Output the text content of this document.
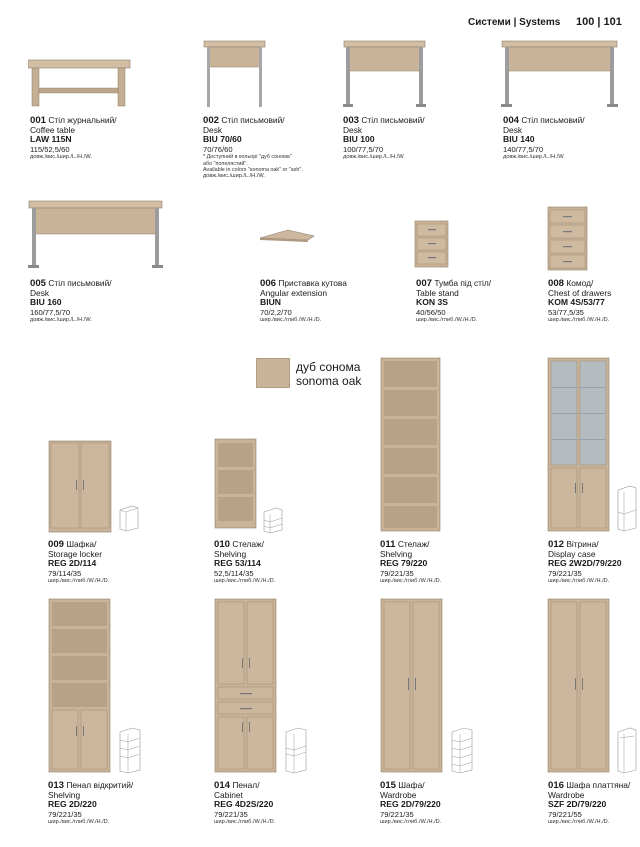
Системи | Systems 100 | 101
001 Стіл журнальний/
Coffee table
LAW 115N
115/52,5/60
довж./вис./шир./L./H./W.
002 Стіл письмовий/
Desk
BIU 70/60
70/76/60
* Доступний в кольорі "дуб сонома"
або "попелястий".
Available in colors "sonoma oak" or "ash".
довж./вис./шир./L./H./W.
003 Стіл письмовий/
Desk
BIU 100
100/77,5/70
довж./вис./шир./L./H./W.
004 Стіл письмовий/
Desk
BIU 140
140/77,5/70
довж./вис./шир./L./H./W.
005 Стіл письмовий/
Desk
BIU 160
160/77,5/70
довж./вис./шир./L./H./W.
006 Приставка кутова
Angular extension
BIUN
70/2,2/70
шир./вис./глиб./W./H./D.
007 Тумба під стіл/
Table stand
KON 3S
40/56/50
шир./вис./глиб./W./H./D.
008 Комод/
Chest of drawers
KOM 4S/53/77
53/77,5/35
шир./вис./глиб./W./H./D.
дуб сонома
sonoma oak
009 Шафка/
Storage locker
REG 2D/114
79/114/35
шир./вис./глиб./W./H./D.
010 Стелаж/
Shelving
REG 53/114
52,5/114/35
шир./вис./глиб./W./H./D.
011 Стелаж/
Shelving
REG 79/220
79/221/35
шир./вис./глиб./W./H./D.
012 Вітрина/
Display case
REG 2W2D/79/220
79/221/35
шир./вис./глиб./W./H./D.
013 Пенал відкритий/
Shelving
REG 2D/220
79/221/35
шир./вис./глиб./W./H./D.
014 Пенал/
Cabinet
REG 4D2S/220
79/221/35
шир./вис./глиб./W./H./D.
015 Шафа/
Wardrobe
REG 2D/79/220
79/221/35
шир./вис./глиб./W./H./D.
016 Шафа платтяна/
Wardrobe
SZF 2D/79/220
79/221/55
шир./вис./глиб./W./H./D.
